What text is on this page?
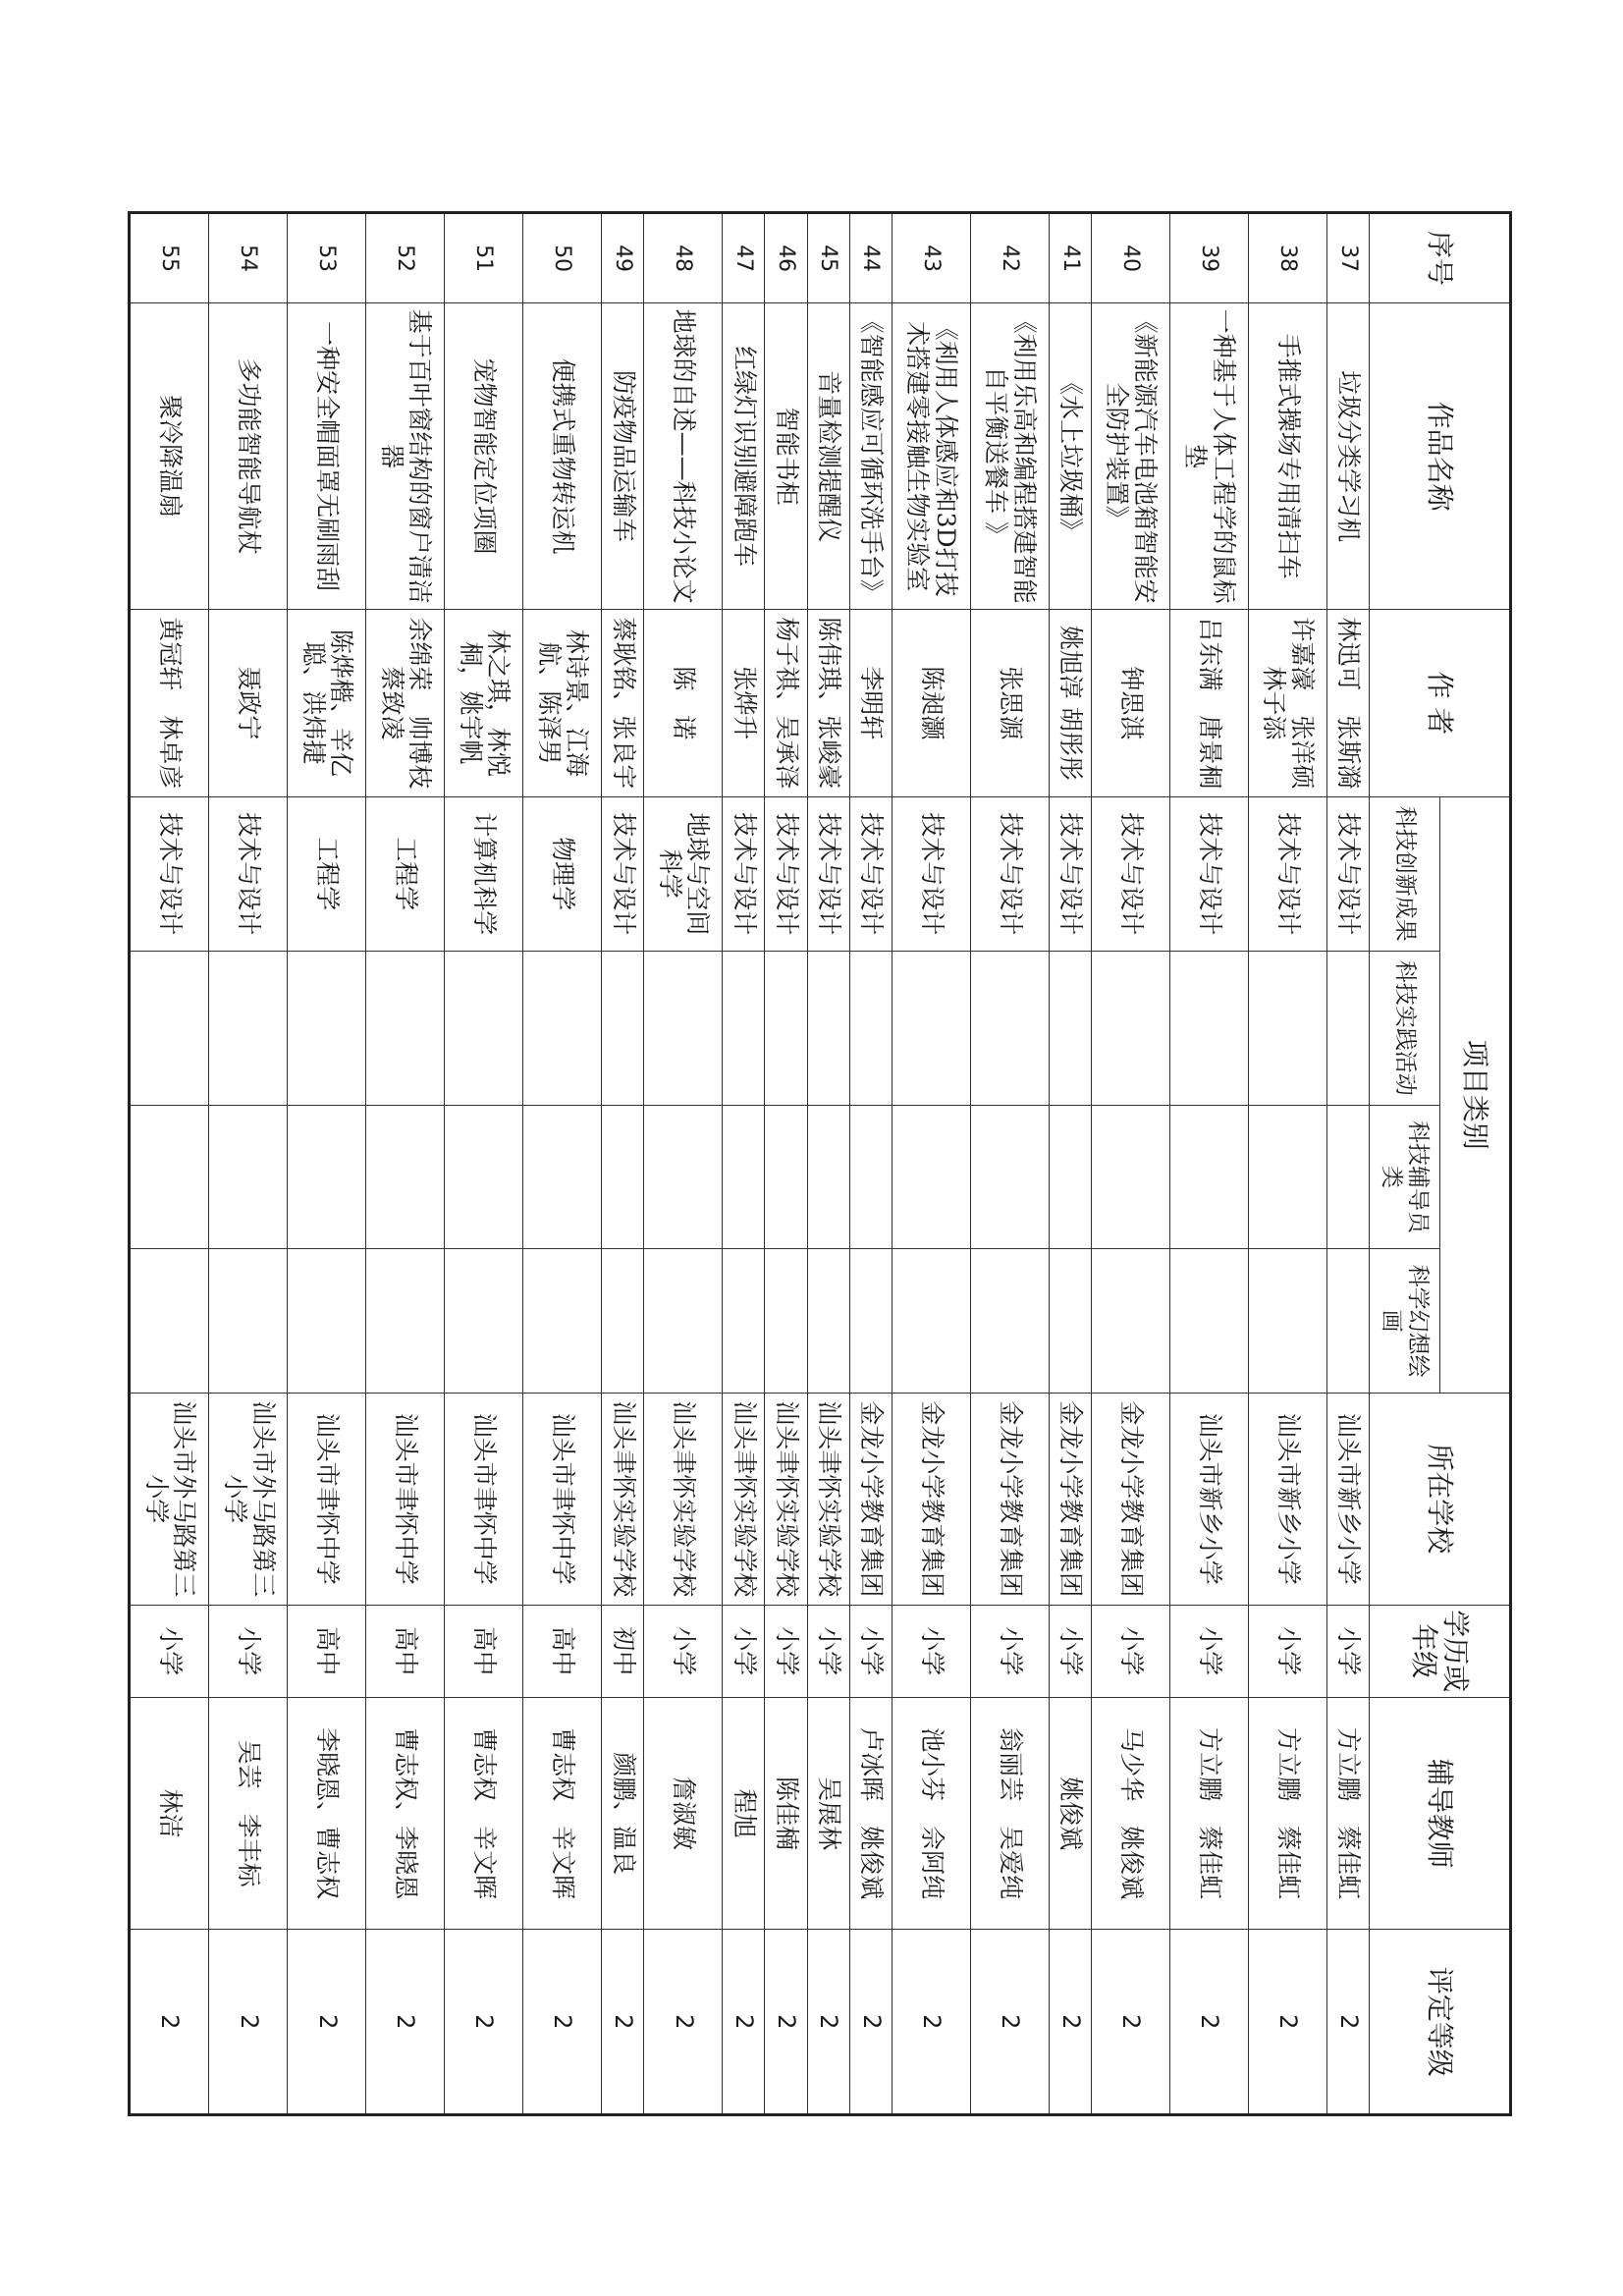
序号	作品名称	作 者	项目类别				所在学校	学历或年级	辅导教师	评定等级
			科技创新成果	科技实践活动	科技辅导员类	科学幻想绘画				
37	垃圾分类学习机	林迅可　张斯漪	技术与设计				汕头市新乡小学	小学	方立鹏　蔡佳虹	2
38	手推式操场专用清扫车	许嘉濠　张洋硕　林子添	技术与设计				汕头市新乡小学	小学	方立鹏　蔡佳虹	2
39	一种基于人体工程学的鼠标垫	吕东满　唐景桐	技术与设计				汕头市新乡小学	小学	方立鹏　蔡佳虹	2
40	《新能源汽车电池箱智能安全防护装置》	钟思淇	技术与设计				金龙小学教育集团	小学	马少华　姚俊斌	2
41	《水上垃圾桶》	姚旭淳 胡彤彤	技术与设计				金龙小学教育集团	小学	姚俊斌	2
42	《利用乐高和编程搭建智能自平衡送餐车 》	张思源	技术与设计				金龙小学教育集团	小学	翁丽芸　吴爱纯	2
43	《利用人体感应和3D打技术搭建零接触生物实验室	陈昶灏	技术与设计				金龙小学教育集团	小学	池小芬　佘阿纯	2
44	《智能感应可循环洗手台》	李明轩	技术与设计				金龙小学教育集团	小学	卢冰晖　姚俊斌	2
45	音量检测提醒仪	陈伟琪、张峻豪	技术与设计				汕头聿怀实验学校	小学	吴展林	2
46	智能书柜	杨子祺、吴承泽	技术与设计				汕头聿怀实验学校	小学	陈佳楠	2
47	红绿灯识别避障跑车	张烨升	技术与设计				汕头聿怀实验学校	小学	程旭	2
48	地球的自述——科技小论文	陈　诺	地球与空间科学				汕头聿怀实验学校	小学	詹淑敏	2
49	防疫物品运输车	蔡耿铭、张良宇	技术与设计				汕头聿怀实验学校	初中	颜鹏、温良	2
50	便携式重物转运机	林诗景、江海航、陈泽男	物理学				汕头市聿怀中学	高中	曹志权　辛文晖	2
51	宠物智能定位项圈	林之琪，林悦桐，姚宇帆	计算机科学				汕头市聿怀中学	高中	曹志权　辛文晖	2
52	基于百叶窗结构的窗户清洁器	余绵荣　帅博枝　蔡致凌	工程学				汕头市聿怀中学	高中	曹志权、李晓恩	2
53	一种安全帽面罩无刷雨刮	陈烨楷、辛亿聪、洪炜捷	工程学				汕头市聿怀中学	高中	李晓恩、曹志权	2
54	多功能智能导航杖	聂政宁	技术与设计				汕头市外马路第三小学	小学	吴芸　李丰标	2
55	聚冷降温扇	黄冠轩　林卓彦	技术与设计				汕头市外马路第三小学	小学	林洁	2
